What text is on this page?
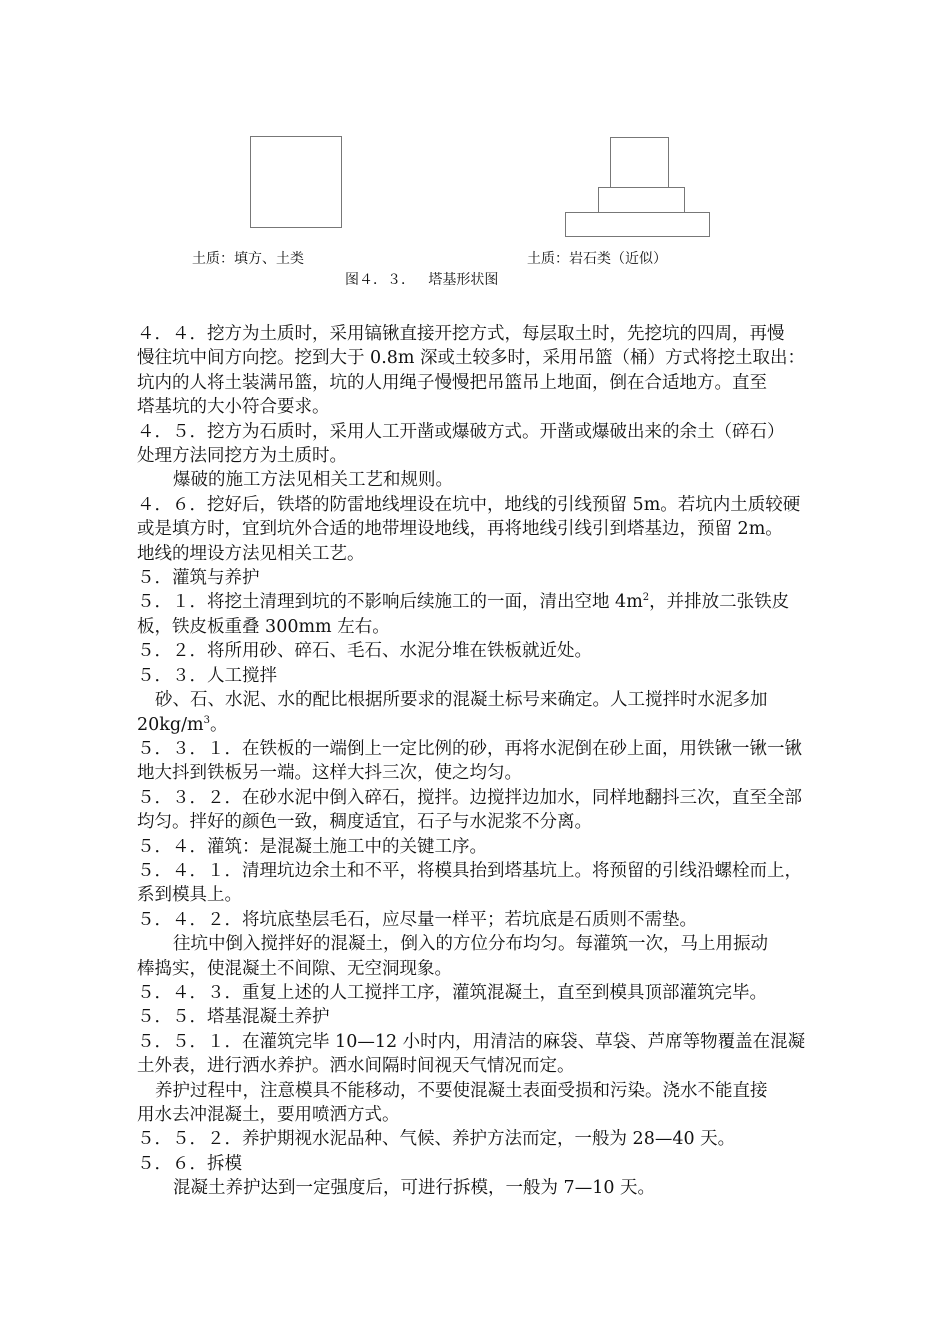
土质：填方、土类	土质：岩石类（近似）
图４．３．   塔基形状图

４．４．挖方为土质时，采用镐锹直接开挖方式，每层取土时，先挖坑的四周，再慢

慢往坑中间方向挖。挖到大于 0.8m 深或土较多时，采用吊篮（桶）方式将挖土取出：

坑内的人将土装满吊篮，坑的人用绳子慢慢把吊篮吊上地面，倒在合适地方。直至

塔基坑的大小符合要求。

４．５．挖方为石质时，采用人工开凿或爆破方式。开凿或爆破出来的余土（碎石）

处理方法同挖方为土质时。

爆破的施工方法见相关工艺和规则。

４．６．挖好后，铁塔的防雷地线埋设在坑中，地线的引线预留 5m。若坑内土质较硬

或是填方时，宜到坑外合适的地带埋设地线，再将地线引线引到塔基边，预留 2m。

地线的埋设方法见相关工艺。

５．灌筑与养护

５．１．将挖土清理到坑的不影响后续施工的一面，清出空地 $4m^2$，并排放二张铁皮

板，铁皮板重叠 300mm 左右。

５．２．将所用砂、碎石、毛石、水泥分堆在铁板就近处。

５．３．人工搅拌

砂、石、水泥、水的配比根据所要求的混凝土标号来确定。人工搅拌时水泥多加

$20kg/m^3$。

５．３．１．在铁板的一端倒上一定比例的砂，再将水泥倒在砂上面，用铁锹一锹一锹

地大抖到铁板另一端。这样大抖三次，使之均匀。

５．３．２．在砂水泥中倒入碎石，搅拌。边搅拌边加水，同样地翻抖三次，直至全部

均匀。拌好的颜色一致，稠度适宜，石子与水泥浆不分离。

５．４．灌筑：是混凝土施工中的关键工序。

５．４．１．清理坑边余土和不平，将模具抬到塔基坑上。将预留的引线沿螺栓而上，

系到模具上。

５．４．２．将坑底垫层毛石，应尽量一样平；若坑底是石质则不需垫。

往坑中倒入搅拌好的混凝土，倒入的方位分布均匀。每灌筑一次，马上用振动

棒捣实，使混凝土不间隙、无空洞现象。

５．４．３．重复上述的人工搅拌工序，灌筑混凝土，直至到模具顶部灌筑完毕。

５．５．塔基混凝土养护

５．５．１．在灌筑完毕 10—12 小时内，用清洁的麻袋、草袋、芦席等物覆盖在混凝

土外表，进行洒水养护。洒水间隔时间视天气情况而定。

养护过程中，注意模具不能移动，不要使混凝土表面受损和污染。浇水不能直接

用水去冲混凝土，要用喷洒方式。

５．５．２．养护期视水泥品种、气候、养护方法而定，一般为 28—40 天。

５．６．拆模

混凝土养护达到一定强度后，可进行拆模，一般为 7—10 天。
